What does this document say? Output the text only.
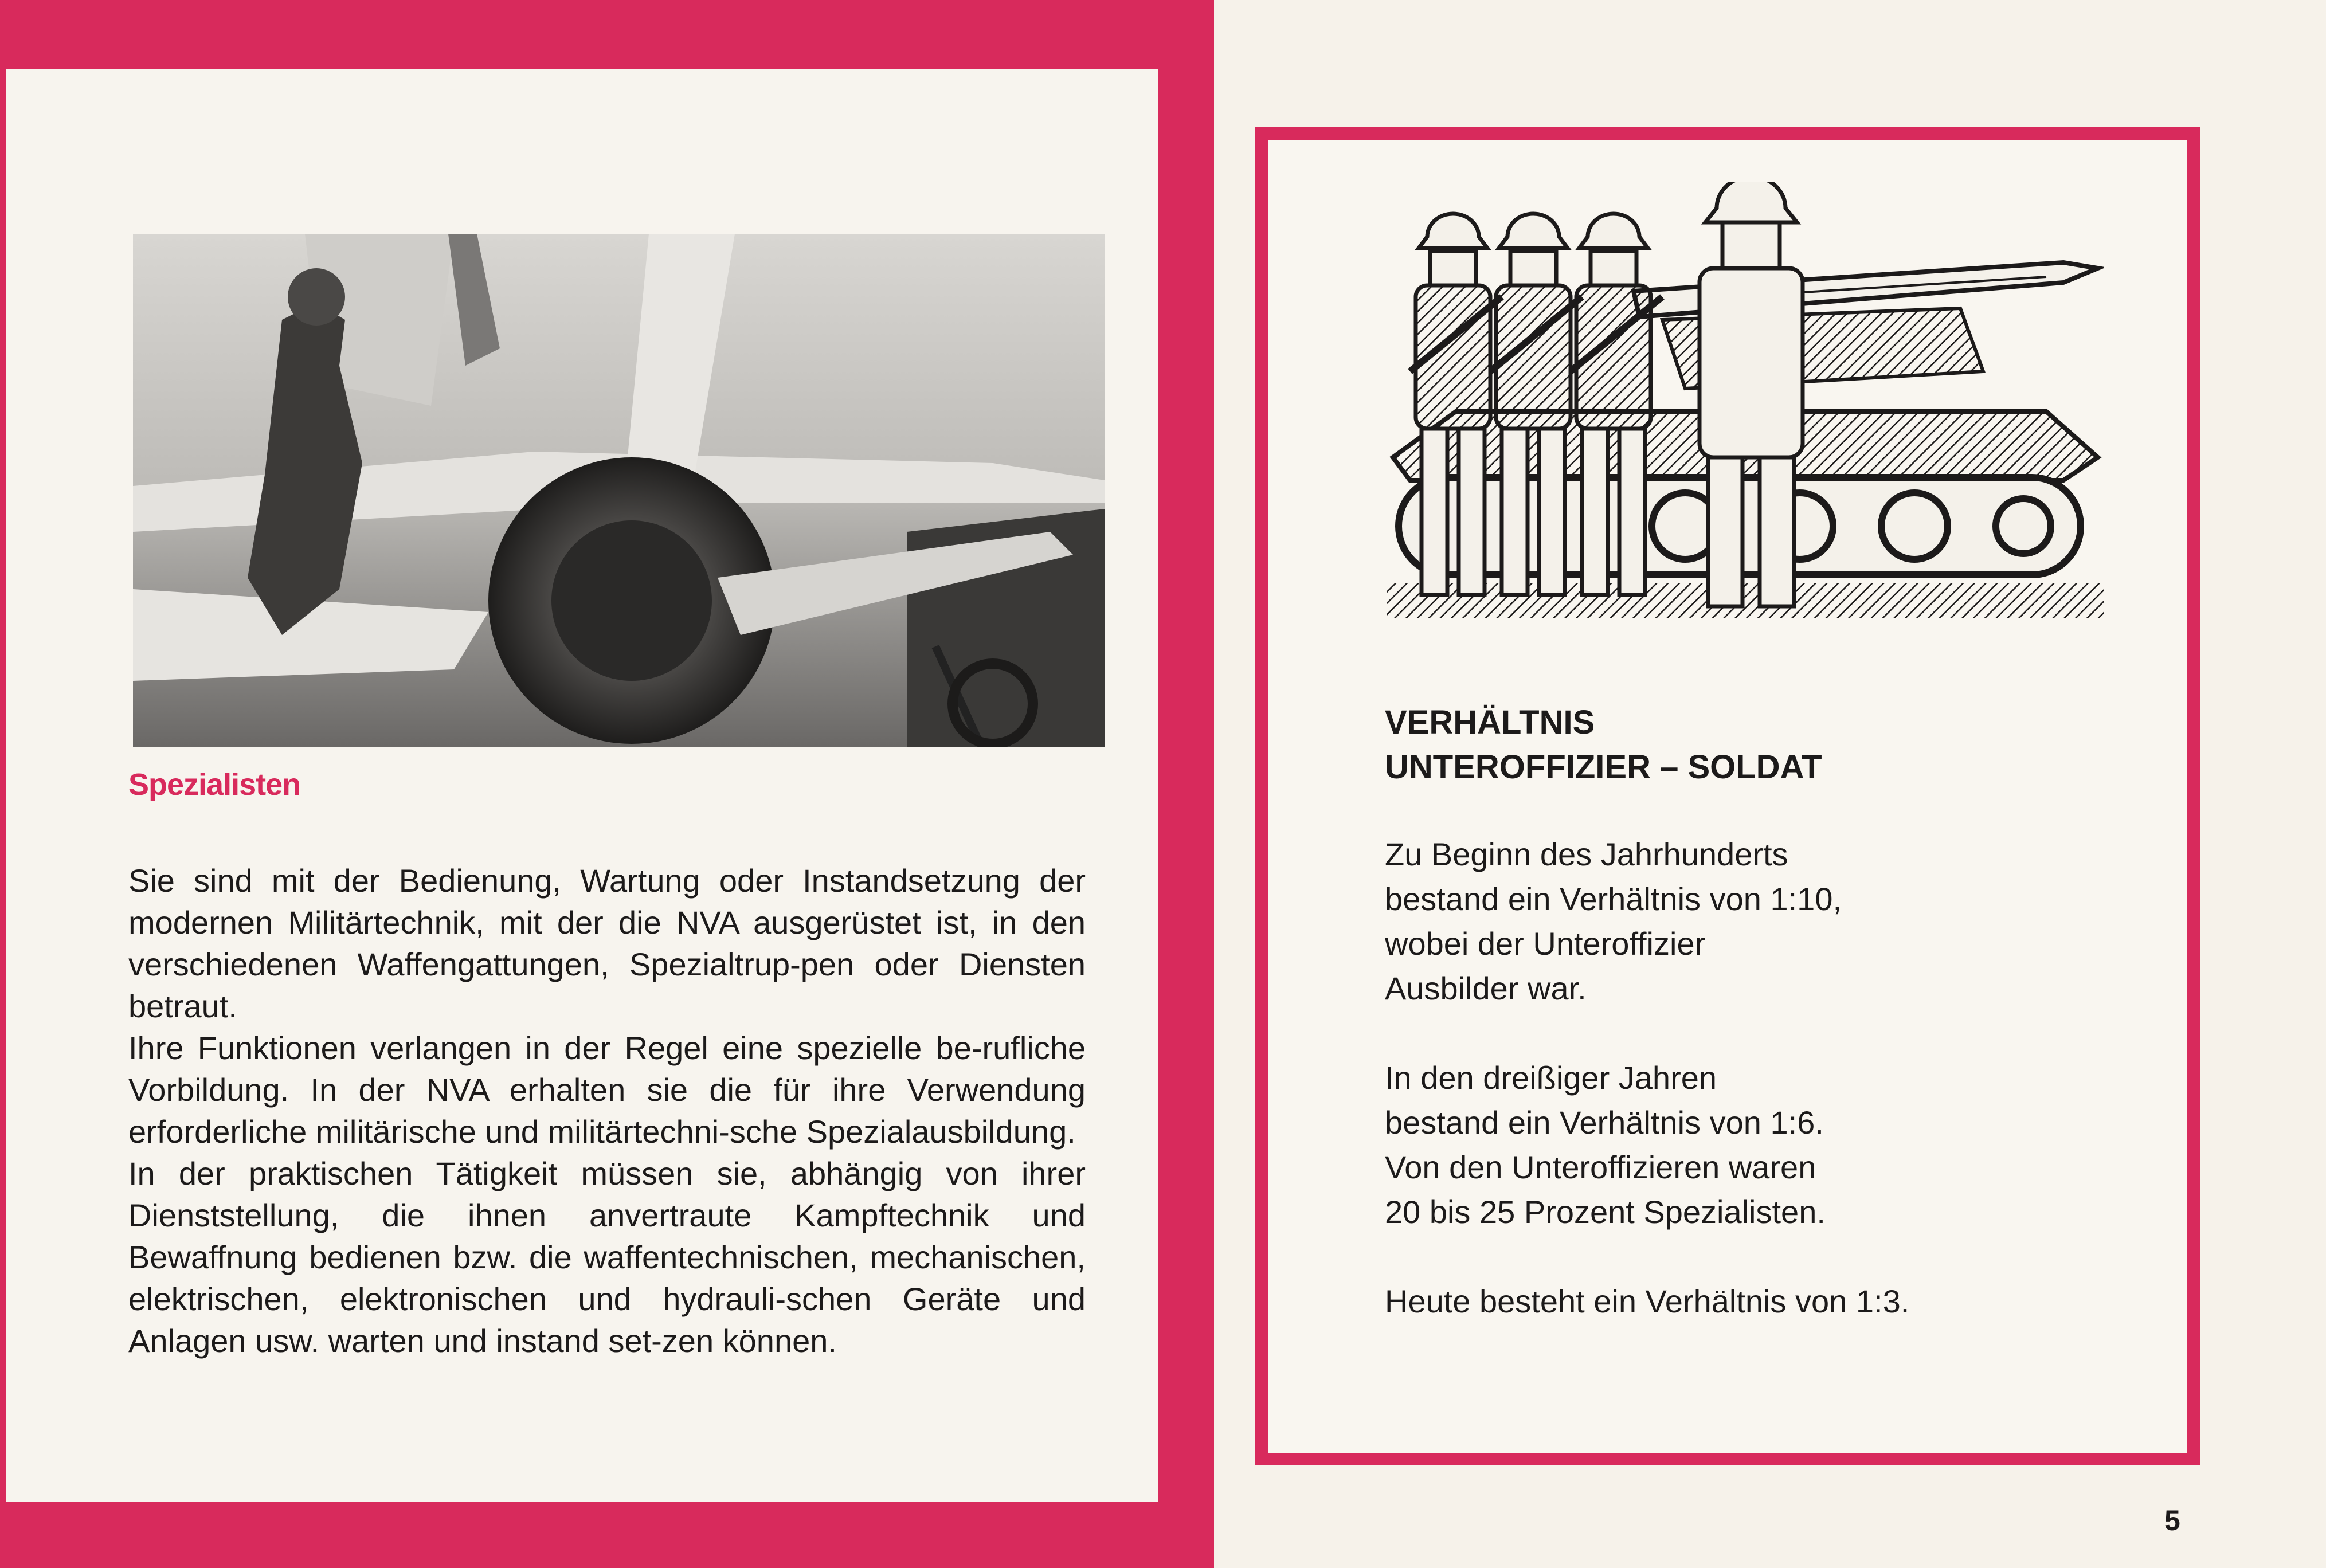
Spezialisten

Sie sind mit der Bedienung, Wartung oder Instandsetzung der modernen Militärtechnik, mit der die NVA ausgerüstet ist, in den verschiedenen Waffengattungen, Spezialtrup-pen oder Diensten betraut.

Ihre Funktionen verlangen in der Regel eine spezielle be-rufliche Vorbildung. In der NVA erhalten sie die für ihre Verwendung erforderliche militärische und militärtechni-sche Spezialausbildung.

In der praktischen Tätigkeit müssen sie, abhängig von ihrer Dienststellung, die ihnen anvertraute Kampftechnik und Bewaffnung bedienen bzw. die waffentechnischen, mechanischen, elektrischen, elektronischen und hydrauli-schen Geräte und Anlagen usw. warten und instand set-zen können.

VERHÄLTNIS
UNTEROFFIZIER – SOLDAT

Zu Beginn des Jahrhunderts
bestand ein Verhältnis von 1:10,
wobei der Unteroffizier
Ausbilder war.

In den dreißiger Jahren
bestand ein Verhältnis von 1:6.
Von den Unteroffizieren waren
20 bis 25 Prozent Spezialisten.

Heute besteht ein Verhältnis von 1:3.

5
